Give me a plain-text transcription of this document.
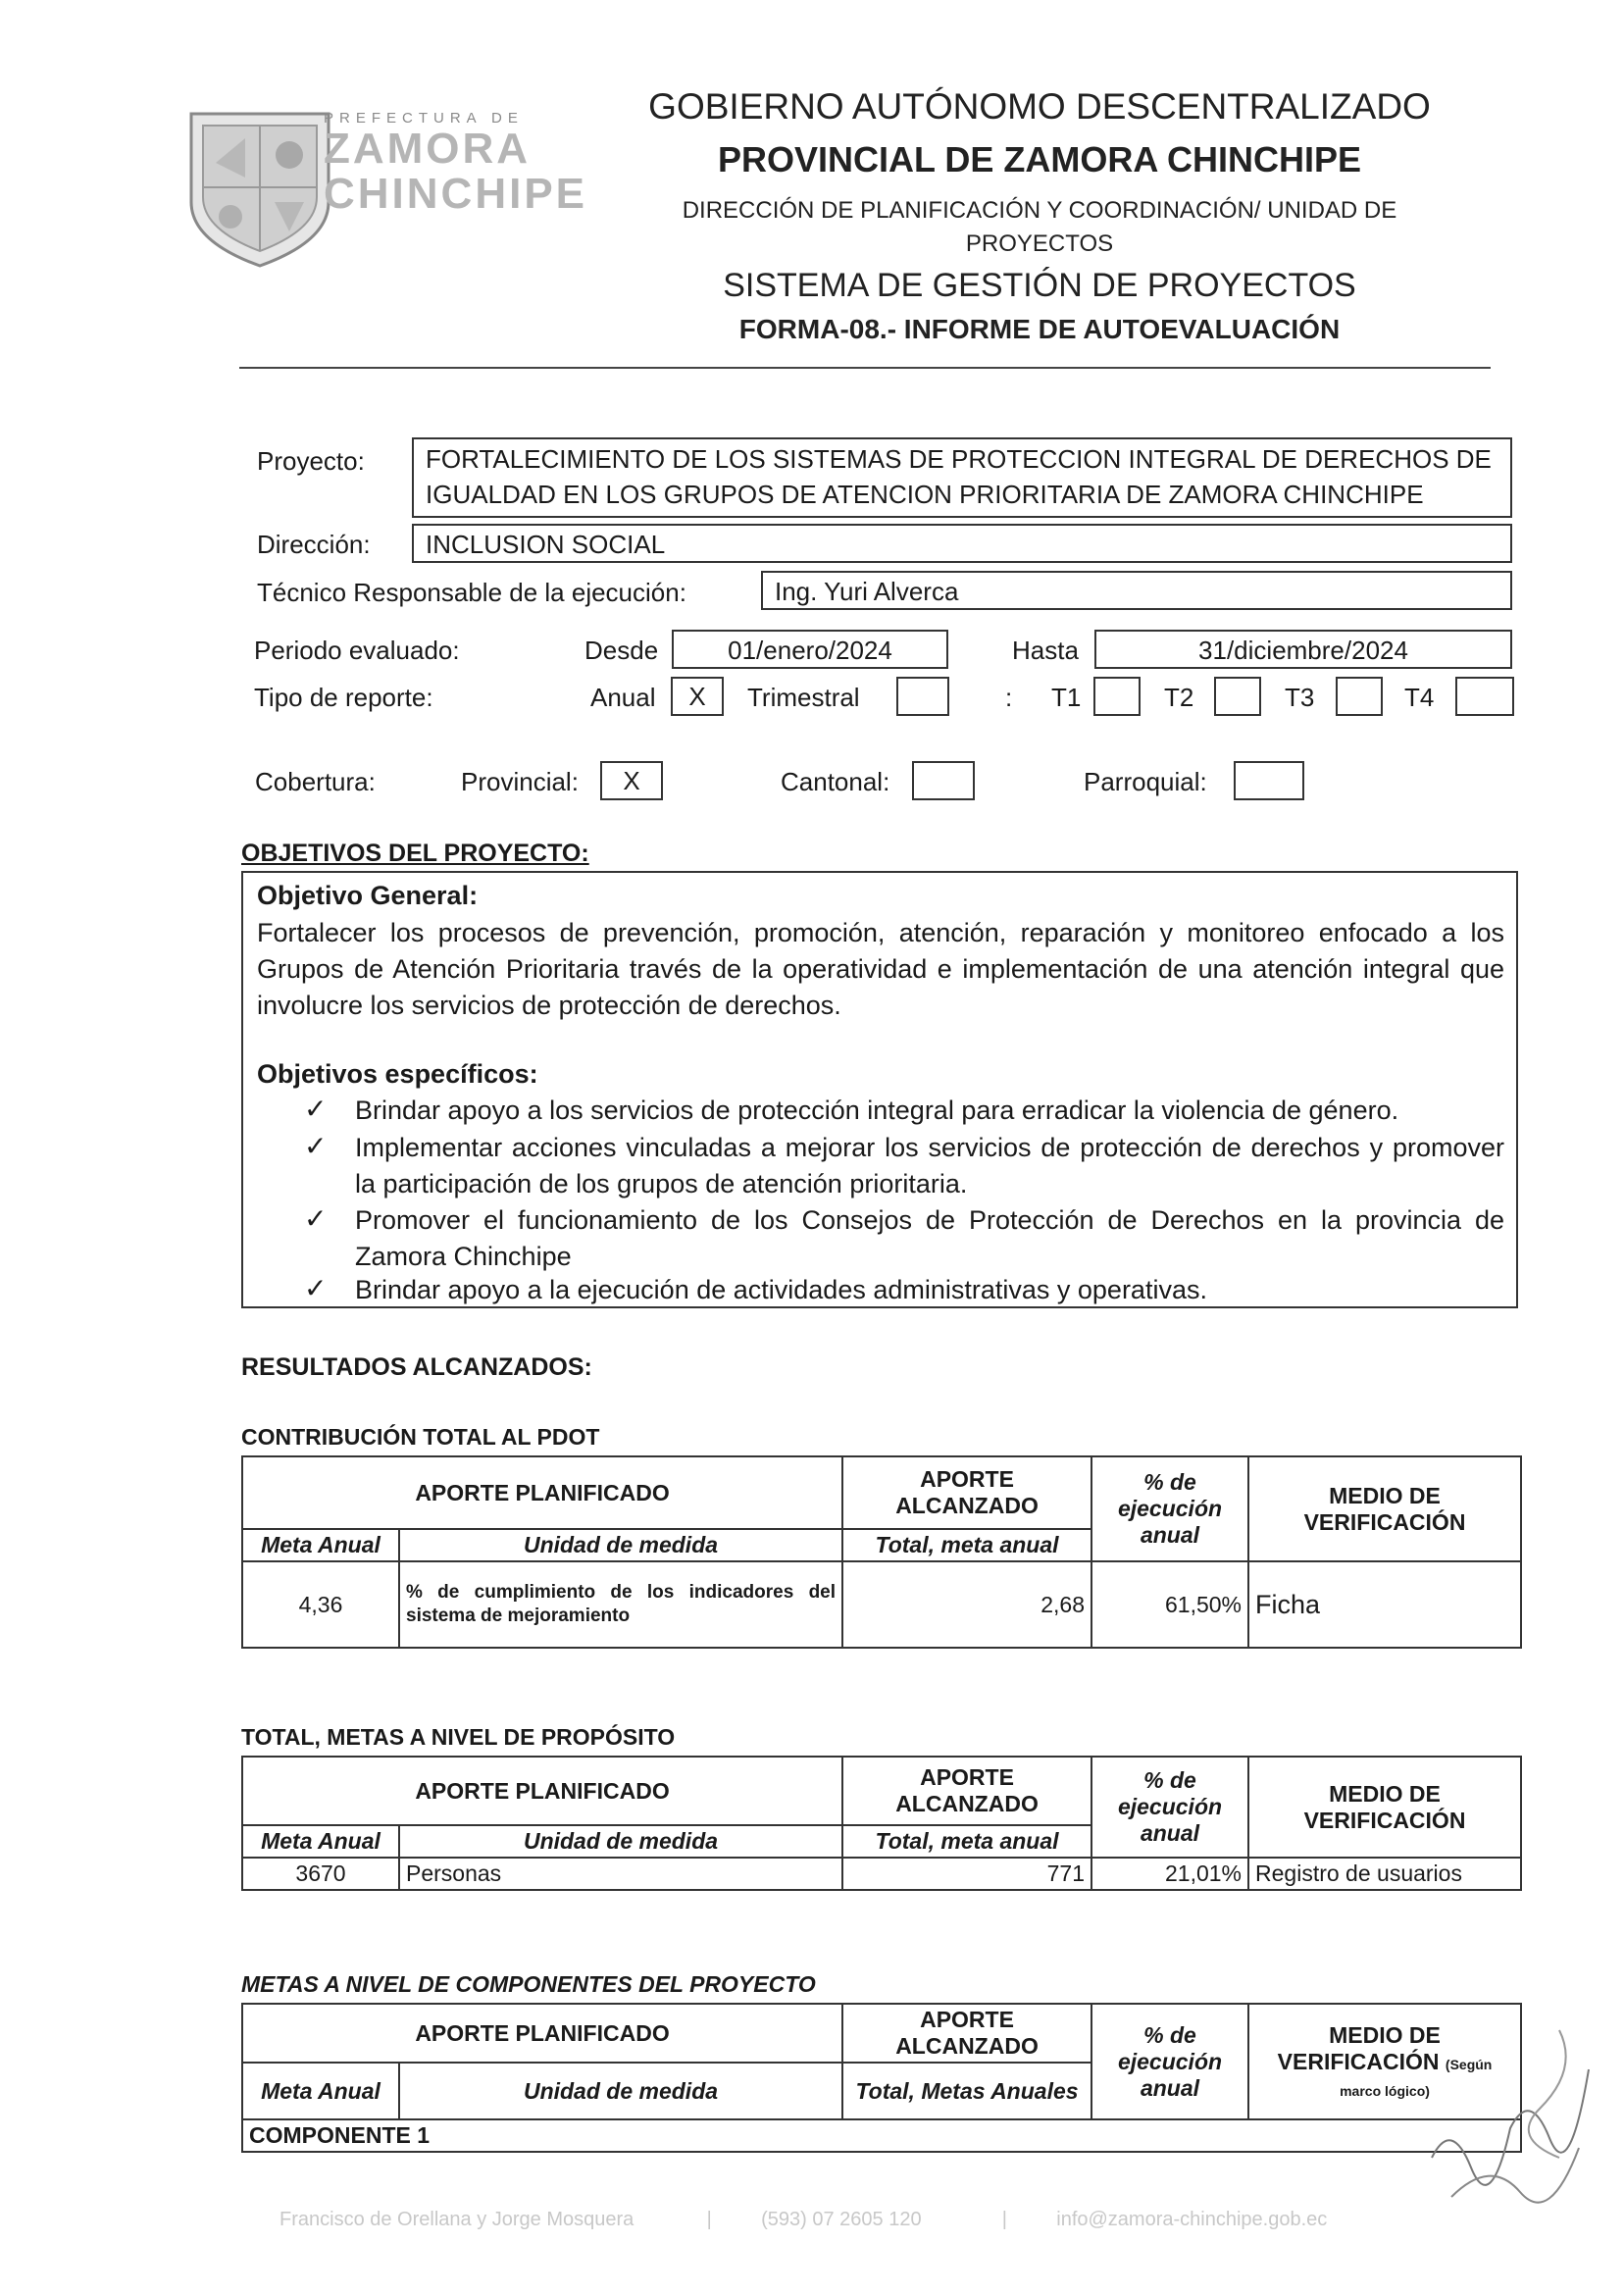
PREFECTURA DE
ZAMORA
CHINCHIPE
GOBIERNO AUTÓNOMO DESCENTRALIZADO
PROVINCIAL DE ZAMORA CHINCHIPE
DIRECCIÓN DE PLANIFICACIÓN Y COORDINACIÓN/ UNIDAD DE
PROYECTOS
SISTEMA DE GESTIÓN DE PROYECTOS
FORMA-08.- INFORME DE AUTOEVALUACIÓN
Proyecto: FORTALECIMIENTO DE LOS SISTEMAS DE PROTECCION INTEGRAL DE DERECHOS DE
IGUALDAD EN LOS GRUPOS DE ATENCION PRIORITARIA DE ZAMORA CHINCHIPE
Dirección:	INCLUSION SOCIAL
Técnico Responsable de la ejecución:	Ing. Yuri Alverca
Periodo evaluado:	Desde	01/enero/2024	Hasta	31/diciembre/2024
Tipo de reporte:	Anual	X	Trimestral	: T1	T2	T3	T4
Cobertura:	Provincial:	X	Cantonal:	Parroquial:
OBJETIVOS DEL PROYECTO:
Objetivo General:
Fortalecer los procesos de prevención, promoción, atención, reparación y monitoreo enfocado a los Grupos de Atención Prioritaria través de la operatividad e implementación de una atención integral que involucre los servicios de protección de derechos.
Objetivos específicos:
✓ Brindar apoyo a los servicios de protección integral para erradicar la violencia de género.
✓ Implementar acciones vinculadas a mejorar los servicios de protección de derechos y promover la participación de los grupos de atención prioritaria.
✓ Promover el funcionamiento de los Consejos de Protección de Derechos en la provincia de Zamora Chinchipe
✓ Brindar apoyo a la ejecución de actividades administrativas y operativas.
RESULTADOS ALCANZADOS:
CONTRIBUCIÓN TOTAL AL PDOT
APORTE PLANIFICADO		APORTE ALCANZADO	% de ejecución anual	MEDIO DE VERIFICACIÓN
Meta Anual	Unidad de medida	Total, meta anual		
4,36	% de cumplimiento de los indicadores del sistema de mejoramiento	2,68	61,50%	Ficha
TOTAL, METAS A NIVEL DE PROPÓSITO
APORTE PLANIFICADO		APORTE ALCANZADO	% de ejecución anual	MEDIO DE VERIFICACIÓN
Meta Anual	Unidad de medida	Total, meta anual		
3670	Personas	771	21,01%	Registro de usuarios
METAS A NIVEL DE COMPONENTES DEL PROYECTO
APORTE PLANIFICADO		APORTE ALCANZADO	% de ejecución anual	MEDIO DE VERIFICACIÓN (Según marco lógico)
Meta Anual	Unidad de medida	Total, Metas Anuales		
COMPONENTE 1				
Francisco de Orellana y Jorge Mosquera	|	(593) 07 2605 120	|	info@zamora-chinchipe.gob.ec
